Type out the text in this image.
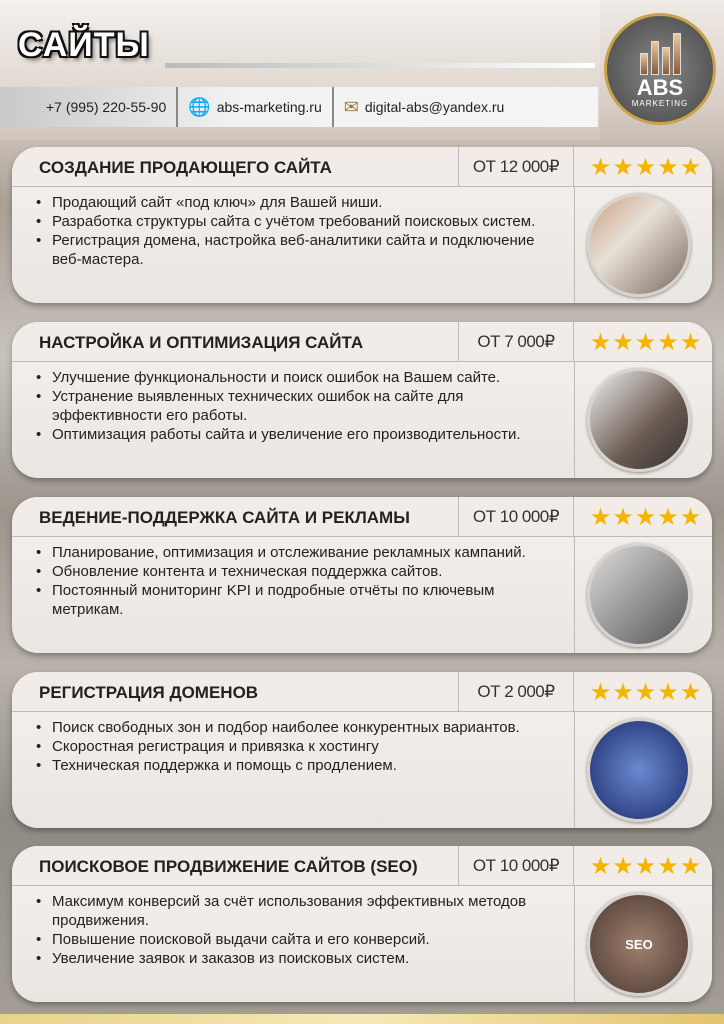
САЙТЫ
+7 (995) 220-55-90 🌐 abs-marketing.ru ✉ digital-abs@yandex.ru
ABS
MARKETING
СОЗДАНИЕ ПРОДАЮЩЕГО САЙТА	ОТ 12 000₽	★★★★★
• Продающий сайт «под ключ» для Вашей ниши.
• Разработка структуры сайта с учётом требований поисковых систем.
• Регистрация домена, настройка веб-аналитики сайта и подключение веб-мастера.
НАСТРОЙКА И ОПТИМИЗАЦИЯ САЙТА	ОТ 7 000₽	★★★★★
• Улучшение функциональности и поиск ошибок на Вашем сайте.
• Устранение выявленных технических ошибок на сайте для эффективности его работы.
• Оптимизация работы сайта и увеличение его производительности.
ВЕДЕНИЕ-ПОДДЕРЖКА САЙТА И РЕКЛАМЫ	ОТ 10 000₽	★★★★★
• Планирование, оптимизация и отслеживание рекламных кампаний.
• Обновление контента и техническая поддержка сайтов.
• Постоянный мониторинг KPI и подробные отчёты по ключевым метрикам.
РЕГИСТРАЦИЯ ДОМЕНОВ	ОТ 2 000₽	★★★★★
• Поиск свободных зон и подбор наиболее конкурентных вариантов.
• Скоростная регистрация и привязка к хостингу
• Техническая поддержка и помощь с продлением.
ПОИСКОВОЕ ПРОДВИЖЕНИЕ САЙТОВ (SEO)	ОТ 10 000₽	★★★★★
• Максимум конверсий за счёт использования эффективных методов продвижения.
• Повышение поисковой выдачи сайта и его конверсий.
• Увеличение заявок и заказов из поисковых систем.
SEO
